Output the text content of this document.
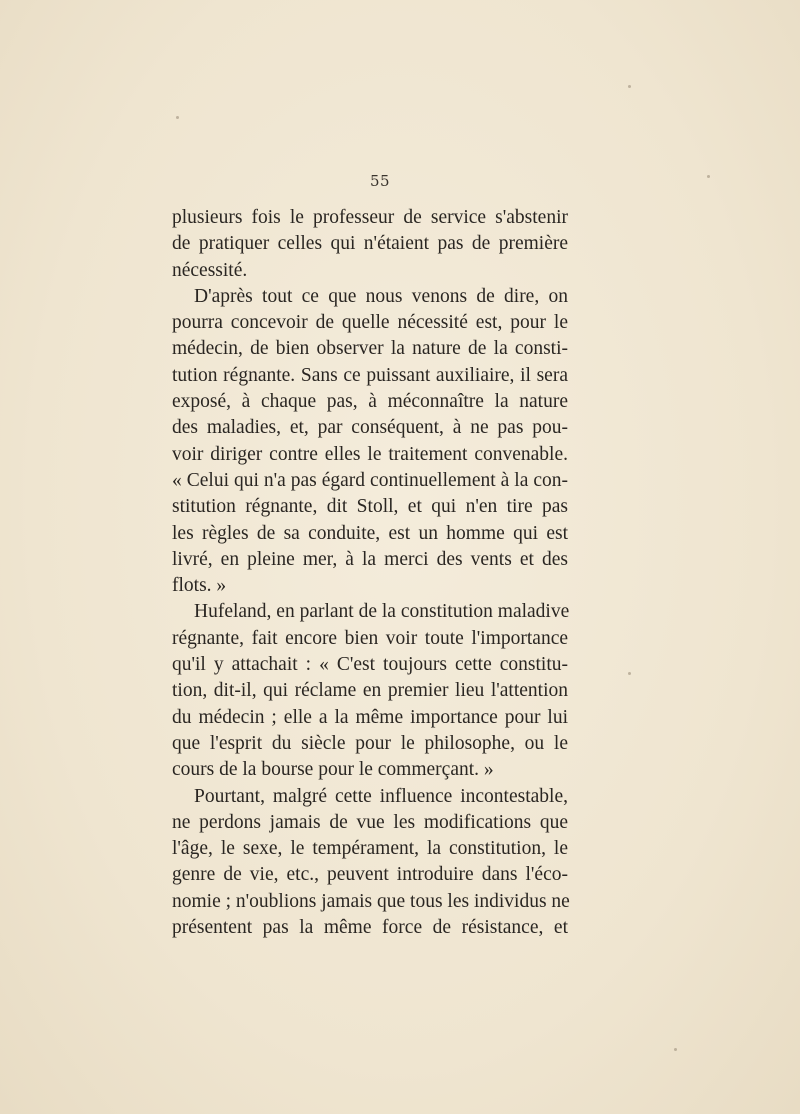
55
plusieurs fois le professeur de service s'abstenir
de pratiquer celles qui n'étaient pas de première
nécessité.
D'après tout ce que nous venons de dire, on
pourra concevoir de quelle nécessité est, pour le
médecin, de bien observer la nature de la consti-
tution régnante. Sans ce puissant auxiliaire, il sera
exposé, à chaque pas, à méconnaître la nature
des maladies, et, par conséquent, à ne pas pou-
voir diriger contre elles le traitement convenable.
« Celui qui n'a pas égard continuellement à la con-
stitution régnante, dit Stoll, et qui n'en tire pas
les règles de sa conduite, est un homme qui est
livré, en pleine mer, à la merci des vents et des
flots. »
Hufeland, en parlant de la constitution maladive
régnante, fait encore bien voir toute l'importance
qu'il y attachait : « C'est toujours cette constitu-
tion, dit-il, qui réclame en premier lieu l'attention
du médecin ; elle a la même importance pour lui
que l'esprit du siècle pour le philosophe, ou le
cours de la bourse pour le commerçant. »
Pourtant, malgré cette influence incontestable,
ne perdons jamais de vue les modifications que
l'âge, le sexe, le tempérament, la constitution, le
genre de vie, etc., peuvent introduire dans l'éco-
nomie ; n'oublions jamais que tous les individus ne
présentent pas la même force de résistance, et
